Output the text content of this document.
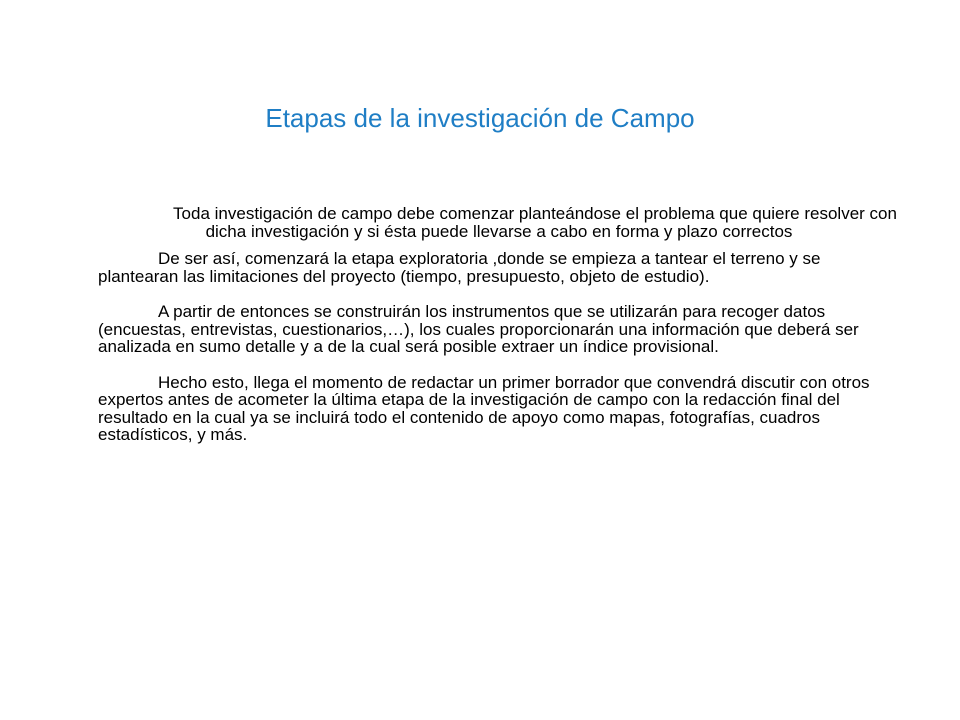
Etapas de la investigación de Campo

Toda investigación de campo debe comenzar planteándose el problema que quiere resolver con dicha investigación y si ésta puede llevarse a cabo en forma y plazo correctos

De ser así, comenzará la etapa exploratoria ,donde se empieza a tantear el terreno y se plantearan las limitaciones del proyecto (tiempo, presupuesto, objeto de estudio).

A partir de entonces se construirán los instrumentos que se utilizarán para recoger datos (encuestas, entrevistas, cuestionarios,…), los cuales proporcionarán una información que deberá ser analizada en sumo detalle y a de la cual será posible extraer un índice provisional.

Hecho esto, llega el momento de redactar un primer borrador que convendrá discutir con otros expertos antes de acometer la última etapa de la investigación de campo con la redacción final del resultado en la cual ya se incluirá todo el contenido de apoyo como mapas, fotografías, cuadros estadísticos, y más.
